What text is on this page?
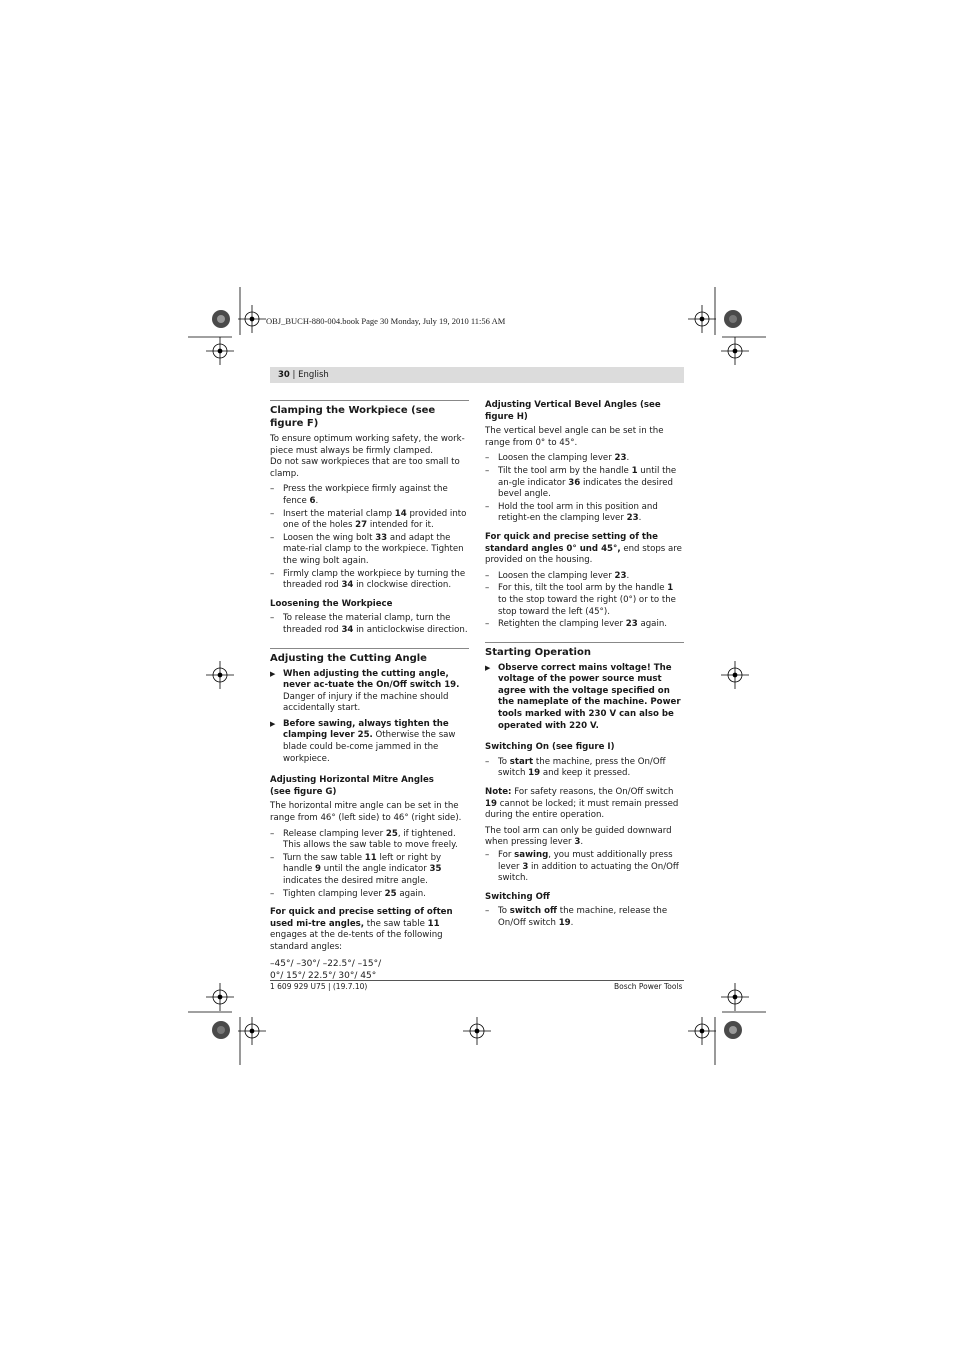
OBJ_BUCH-880-004.book Page 30 Monday, July 19, 2010 11:56 AM
30 | English
Clamping the Workpiece (see figure F)

To ensure optimum working safety, the work-piece must always be firmly clamped.
Do not saw workpieces that are too small to clamp.

– Press the workpiece firmly against the fence 6.
– Insert the material clamp 14 provided into one of the holes 27 intended for it.
– Loosen the wing bolt 33 and adapt the mate-rial clamp to the workpiece. Tighten the wing bolt again.
– Firmly clamp the workpiece by turning the threaded rod 34 in clockwise direction.
Loosening the Workpiece
– To release the material clamp, turn the threaded rod 34 in anticlockwise direction.
Adjusting the Cutting Angle
▶ When adjusting the cutting angle, never ac-tuate the On/Off switch 19. Danger of injury if the machine should accidentally start.
▶ Before sawing, always tighten the clamping lever 25. Otherwise the saw blade could be-come jammed in the workpiece.
Adjusting Horizontal Mitre Angles
(see figure G)

The horizontal mitre angle can be set in the range from 46° (left side) to 46° (right side).

– Release clamping lever 25, if tightened.
This allows the saw table to move freely.
– Turn the saw table 11 left or right by handle 9 until the angle indicator 35 indicates the desired mitre angle.
– Tighten clamping lever 25 again.

For quick and precise setting of often used mi-tre angles, the saw table 11 engages at the de-tents of the following standard angles:

–45°/ –30°/ –22.5°/ –15°/
0°/ 15°/ 22.5°/ 30°/ 45°

Adjusting Vertical Bevel Angles (see figure H)

The vertical bevel angle can be set in the range from 0° to 45°.

– Loosen the clamping lever 23.
– Tilt the tool arm by the handle 1 until the an-gle indicator 36 indicates the desired bevel angle.
– Hold the tool arm in this position and retight-en the clamping lever 23.

For quick and precise setting of the standard angles 0° und 45°, end stops are provided on the housing.

– Loosen the clamping lever 23.
– For this, tilt the tool arm by the handle 1 to the stop toward the right (0°) or to the stop toward the left (45°).
– Retighten the clamping lever 23 again.
Starting Operation
▶ Observe correct mains voltage! The voltage of the power source must agree with the voltage specified on the nameplate of the machine. Power tools marked with 230 V can also be operated with 220 V.
Switching On (see figure I)
– To start the machine, press the On/Off switch 19 and keep it pressed.

Note: For safety reasons, the On/Off switch 19 cannot be locked; it must remain pressed during the entire operation.

The tool arm can only be guided downward when pressing lever 3.

– For sawing, you must additionally press lever 3 in addition to actuating the On/Off switch.
Switching Off
– To switch off the machine, release the On/Off switch 19.
1 609 929 U75 | (19.7.10)	Bosch Power Tools
